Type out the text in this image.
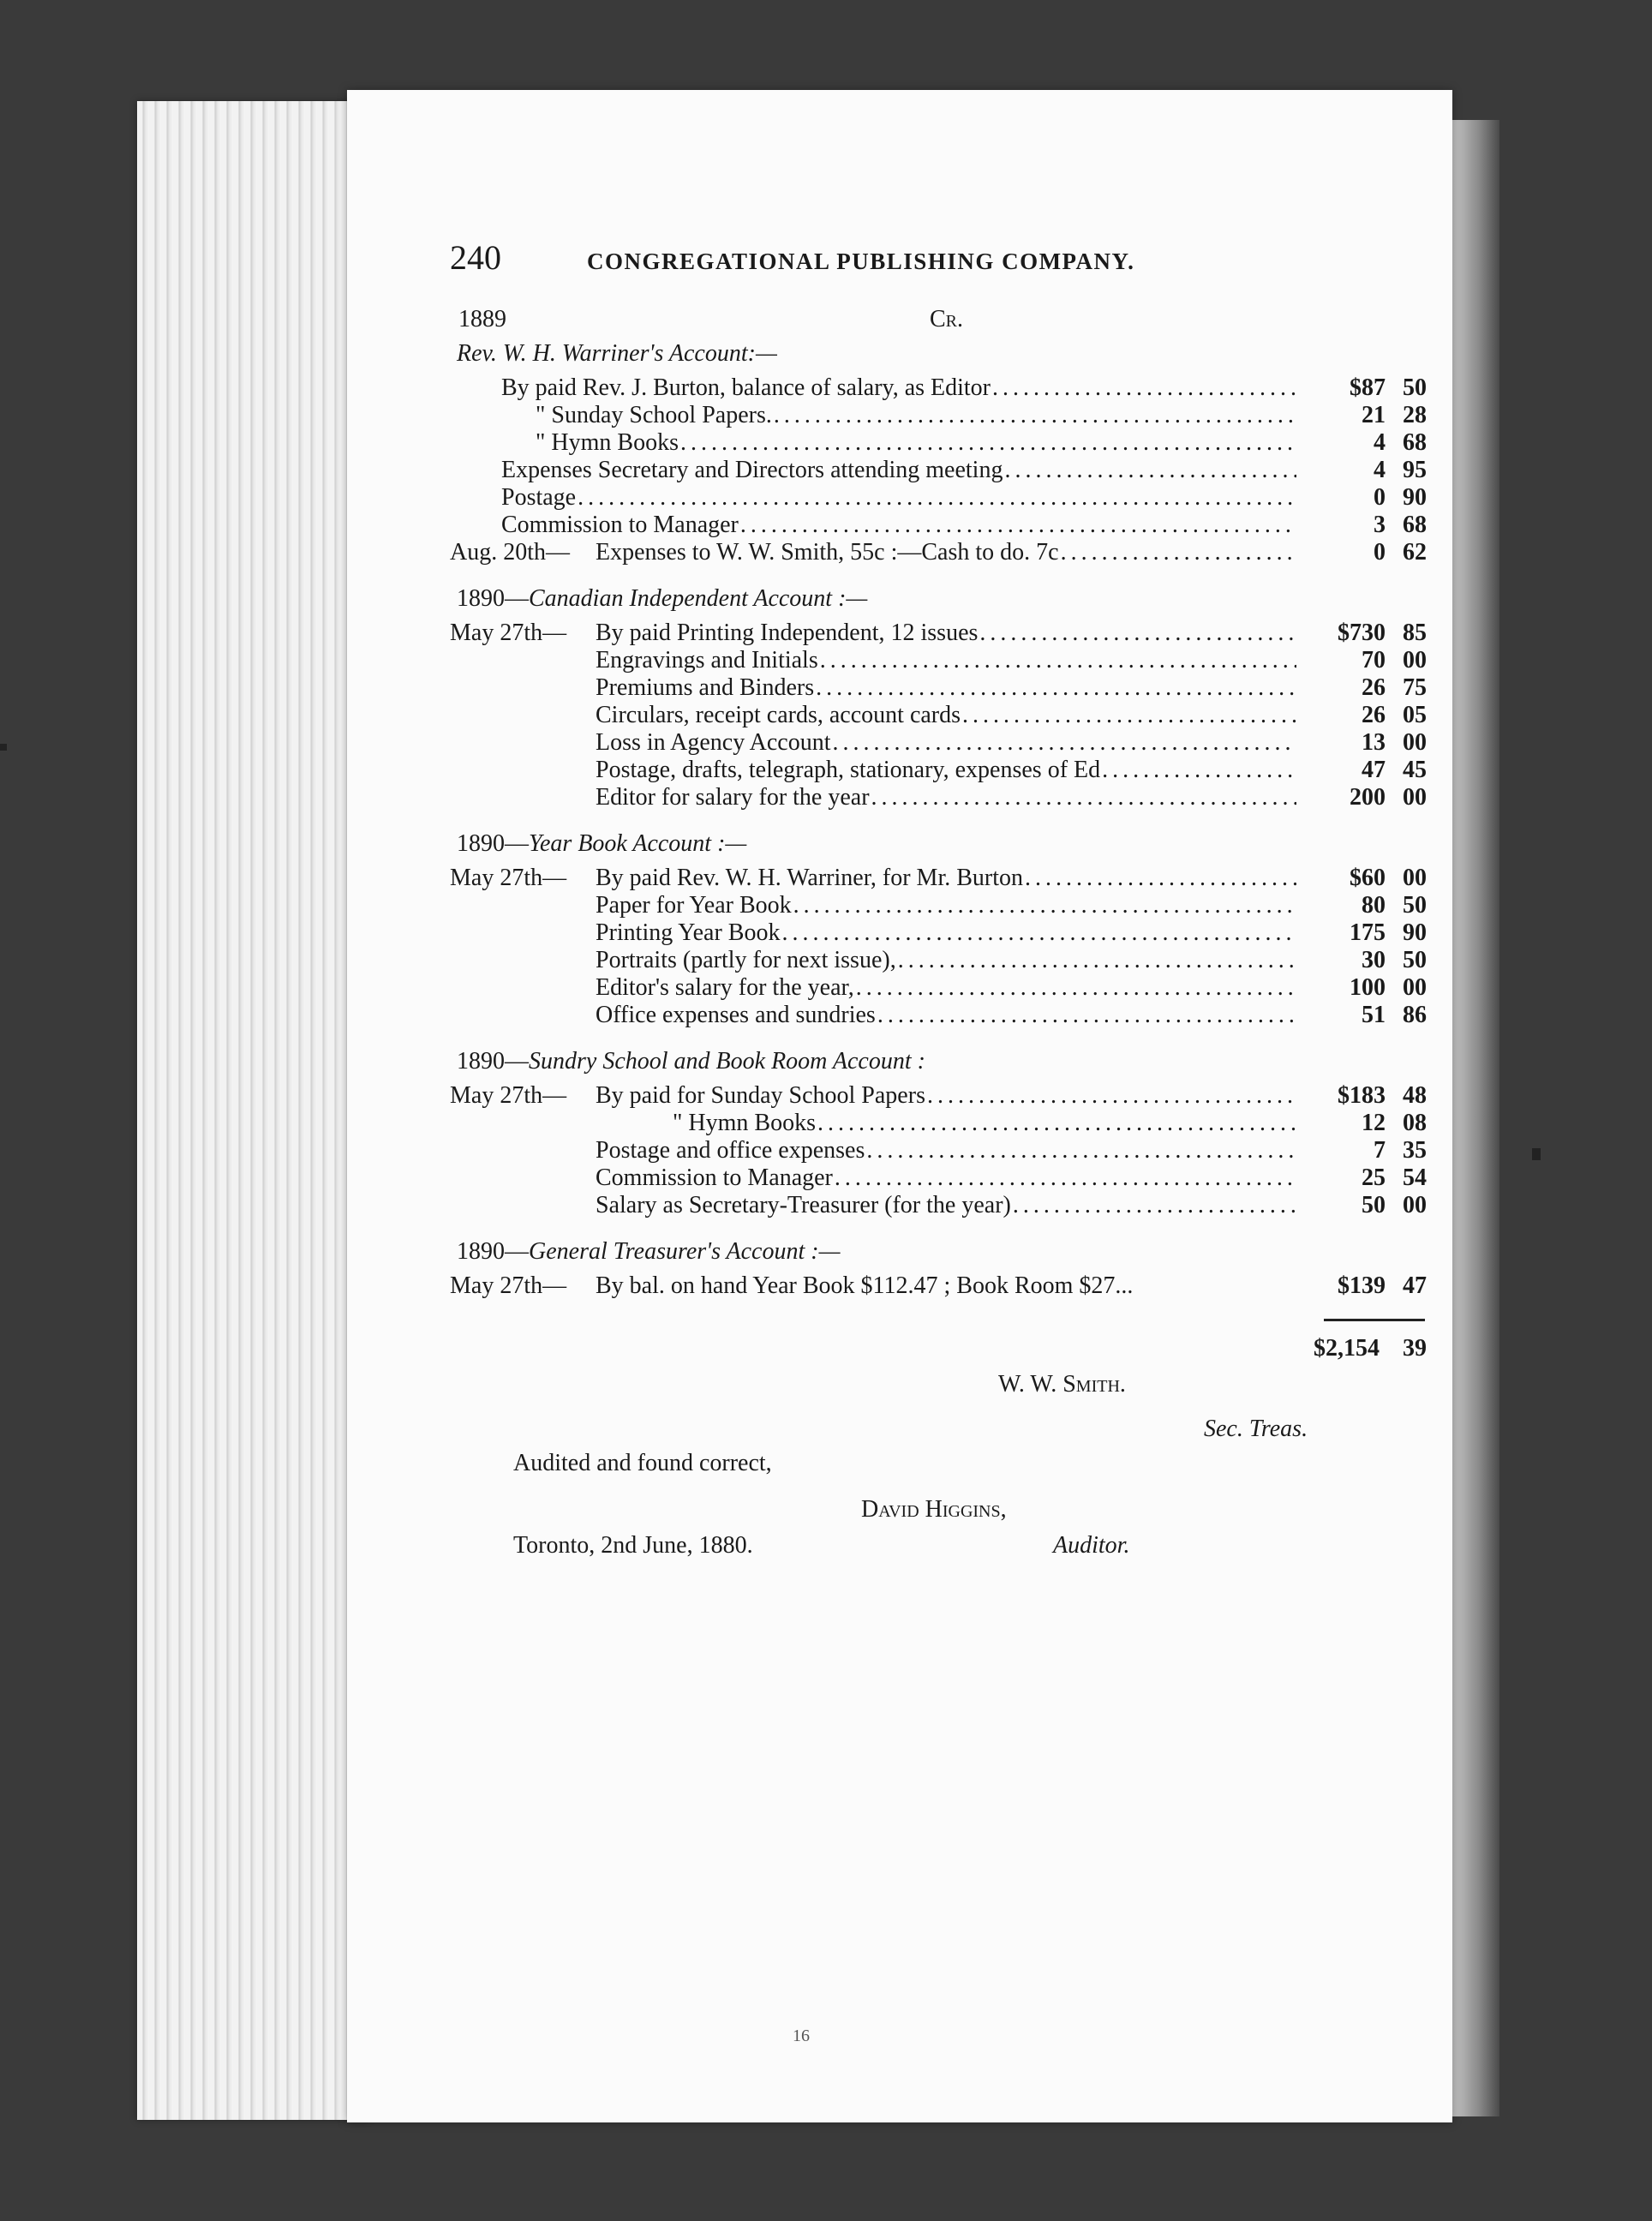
240	CONGREGATIONAL PUBLISHING COMPANY.
1889	Cr.
Rev. W. H. Warriner's Account:—
By paid Rev. J. Burton, balance of salary, as Editor .....	$87 50
" Sunday School Papers. .....	21 28
" Hymn Books .....	4 68
Expenses Secretary and Directors attending meeting .....	4 95
Postage .....	0 90
Commission to Manager .....	3 68
Aug. 20th—	Expenses to W. W. Smith, 55c :—Cash to do. 7c .....	0 62
1890—Canadian Independent Account :—
May 27th—	By paid Printing Independent, 12 issues .....	$730 85
Engravings and Initials .....	70 00
Premiums and Binders .....	26 75
Circulars, receipt cards, account cards .....	26 05
Loss in Agency Account .....	13 00
Postage, drafts, telegraph, stationary, expenses of Ed .....	47 45
Editor for salary for the year .....	200 00
1890—Year Book Account :—
May 27th—	By paid Rev. W. H. Warriner, for Mr. Burton .....	$60 00
Paper for Year Book .....	80 50
Printing Year Book .....	175 90
Portraits (partly for next issue), .....	30 50
Editor's salary for the year, .....	100 00
Office expenses and sundries .....	51 86
1890—Sundry School and Book Room Account :
May 27th—	By paid for Sunday School Papers .....	$183 48
" Hymn Books .....	12 08
Postage and office expenses .....	7 35
Commission to Manager .....	25 54
Salary as Secretary-Treasurer (for the year) .....	50 00
1890—General Treasurer's Account :—
May 27th—	By bal. on hand Year Book $112.47 ; Book Room $27...	$139 47
$2,154 39
W. W. Smith.
Sec. Treas.
Audited and found correct,
David Higgins,
Toronto, 2nd June, 1880.	Auditor.
16
